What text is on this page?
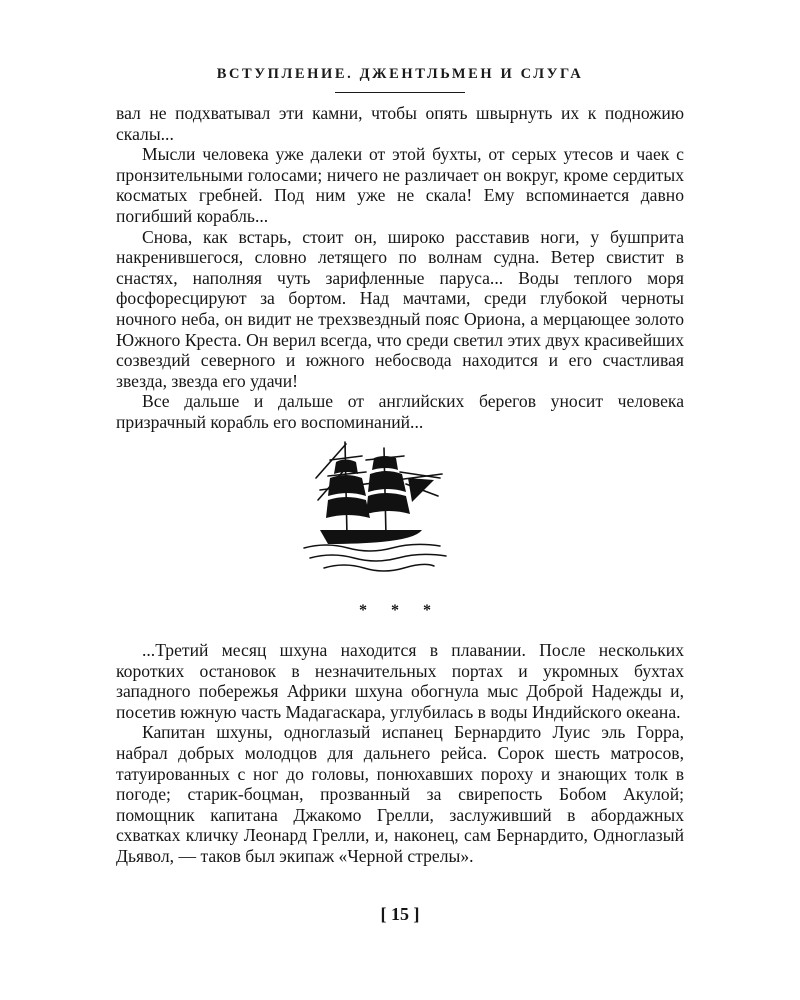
ВСТУПЛЕНИЕ. ДЖЕНТЛЬМЕН И СЛУГА

вал не подхватывал эти камни, чтобы опять швырнуть их к подножию скалы...

Мысли человека уже далеки от этой бухты, от серых утесов и чаек с пронзительными голосами; ничего не различает он вокруг, кроме сердитых косматых гребней. Под ним уже не скала! Ему вспоминается давно погибший корабль...

Снова, как встарь, стоит он, широко расставив ноги, у бушприта накренившегося, словно летящего по волнам судна. Ветер свистит в снастях, наполняя чуть зарифленные паруса... Воды теплого моря фосфоресцируют за бортом. Над мачтами, среди глубокой черноты ночного неба, он видит не трехзвездный пояс Ориона, а мерцающее золото Южного Креста. Он верил всегда, что среди светил этих двух красивейших созвездий северного и южного небосвода находится и его счастливая звезда, звезда его удачи!

Все дальше и дальше от английских берегов уносит человека призрачный корабль его воспоминаний...

* * *

...Третий месяц шхуна находится в плавании. После нескольких коротких остановок в незначительных портах и укромных бухтах западного побережья Африки шхуна обогнула мыс Доброй Надежды и, посетив южную часть Мадагаскара, углубилась в воды Индийского океана.

Капитан шхуны, одноглазый испанец Бернардито Луис эль Горра, набрал добрых молодцов для дальнего рейса. Сорок шесть матросов, татуированных с ног до головы, понюхавших пороху и знающих толк в погоде; старик-боцман, прозванный за свирепость Бобом Акулой; помощник капитана Джакомо Грелли, заслуживший в абордажных схватках кличку Леонард Грелли, и, наконец, сам Бернардито, Одноглазый Дьявол, — таков был экипаж «Черной стрелы».

[ 15 ]
